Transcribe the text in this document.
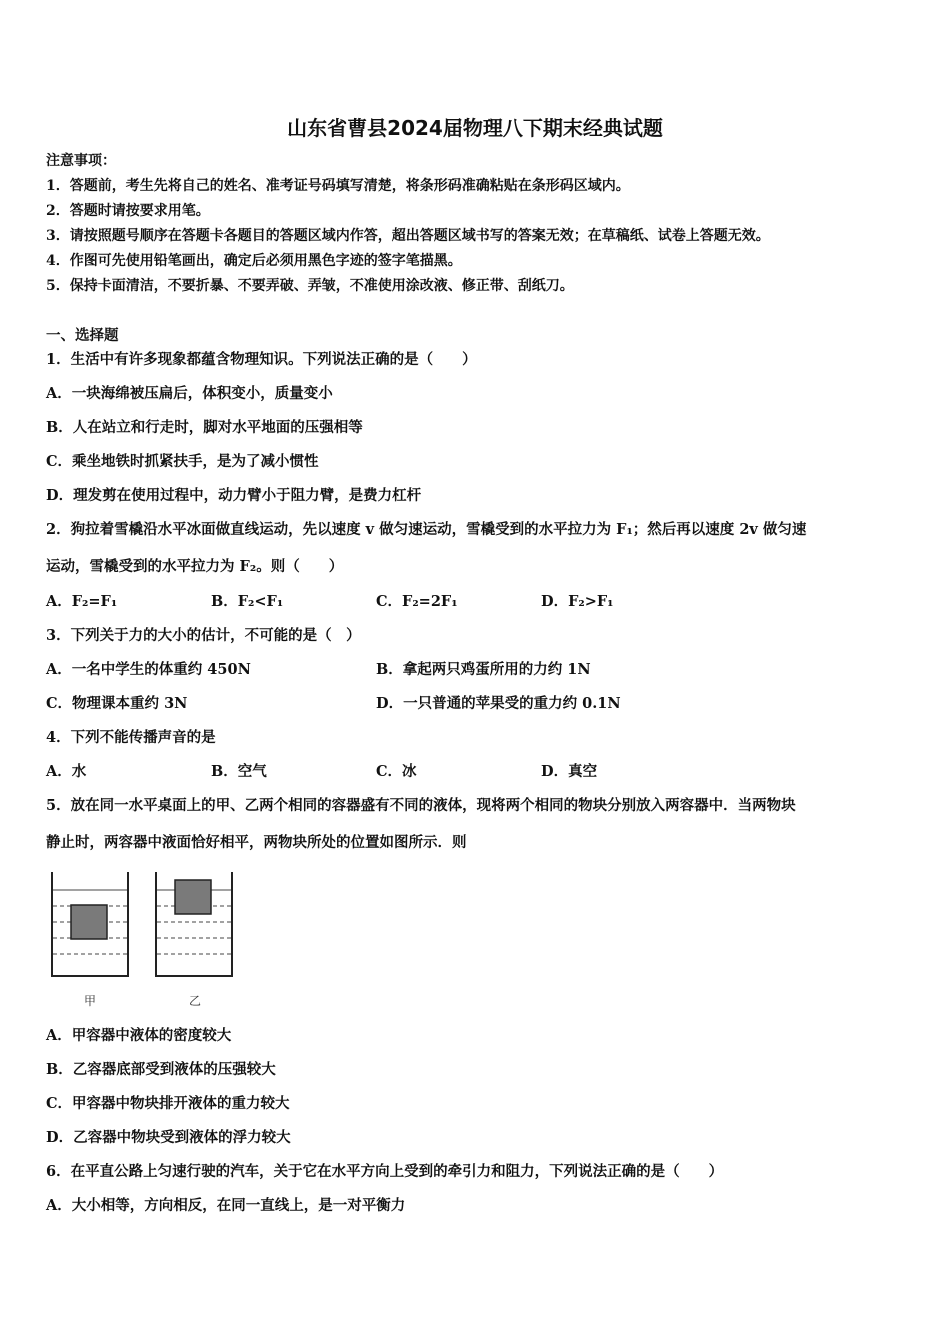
山东省曹县2024届物理八下期末经典试题
注意事项：
1．答题前，考生先将自己的姓名、准考证号码填写清楚，将条形码准确粘贴在条形码区域内。
2．答题时请按要求用笔。
3．请按照题号顺序在答题卡各题目的答题区域内作答，超出答题区域书写的答案无效；在草稿纸、试卷上答题无效。
4．作图可先使用铅笔画出，确定后必须用黑色字迹的签字笔描黑。
5．保持卡面清洁，不要折暴、不要弄破、弄皱，不准使用涂改液、修正带、刮纸刀。
一、选择题
1．生活中有许多现象都蕴含物理知识。下列说法正确的是（　　）
A．一块海绵被压扁后，体积变小，质量变小
B．人在站立和行走时，脚对水平地面的压强相等
C．乘坐地铁时抓紧扶手，是为了减小惯性
D．理发剪在使用过程中，动力臂小于阻力臂，是费力杠杆
2．狗拉着雪橇沿水平冰面做直线运动，先以速度 v 做匀速运动，雪橇受到的水平拉力为 F₁；然后再以速度 2v 做匀速
运动，雪橇受到的水平拉力为 F₂。则（　　）
A．F₂=F₁	B．F₂<F₁	C．F₂=2F₁	D．F₂>F₁
3．下列关于力的大小的估计，不可能的是（　）
A．一名中学生的体重约 450N	B．拿起两只鸡蛋所用的力约 1N
C．物理课本重约 3N	D．一只普通的苹果受的重力约 0.1N
4．下列不能传播声音的是
A．水	B．空气	C．冰	D．真空
5．放在同一水平桌面上的甲、乙两个相同的容器盛有不同的液体，现将两个相同的物块分别放入两容器中．当两物块
静止时，两容器中液面恰好相平，两物块所处的位置如图所示．则
甲	乙
A．甲容器中液体的密度较大
B．乙容器底部受到液体的压强较大
C．甲容器中物块排开液体的重力较大
D．乙容器中物块受到液体的浮力较大
6．在平直公路上匀速行驶的汽车，关于它在水平方向上受到的牵引力和阻力，下列说法正确的是（　　）
A．大小相等，方向相反，在同一直线上，是一对平衡力
